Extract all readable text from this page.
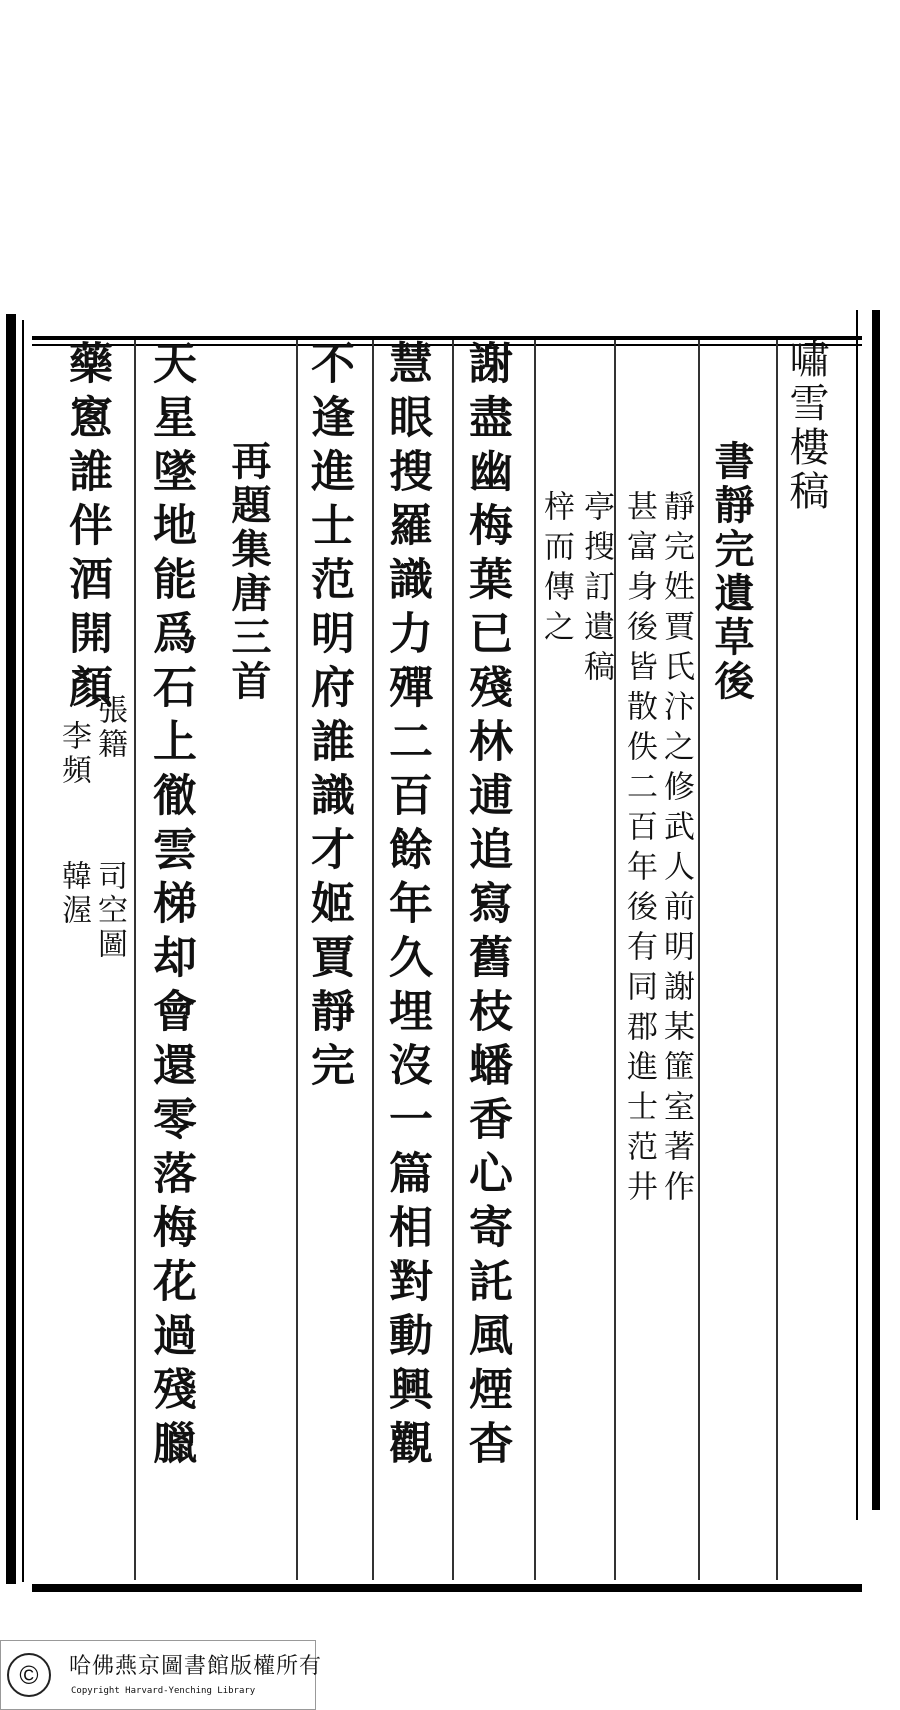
嘯雪樓稿
書靜完遺草後
靜完姓賈氏汴之修武人前明謝某篚室著作
甚富身後皆散佚二百年後有同郡進士范井
亭搜訂遺稿
梓而傳之
謝盡幽梅葉已殘林逋追寫舊枝蟠香心寄託風煙杳
慧眼搜羅識力殫二百餘年久埋沒一篇相對動興觀
不逢進士范明府誰識才姬賈靜完
再題集唐三首
天星墜地能爲石上徹雲梯却會還零落梅花過殘臘
藥窻誰伴酒開顏
張籍
司空圖
李頻
韓渥
©	哈佛燕京圖書館版權所有
Copyright Harvard-Yenching Library
